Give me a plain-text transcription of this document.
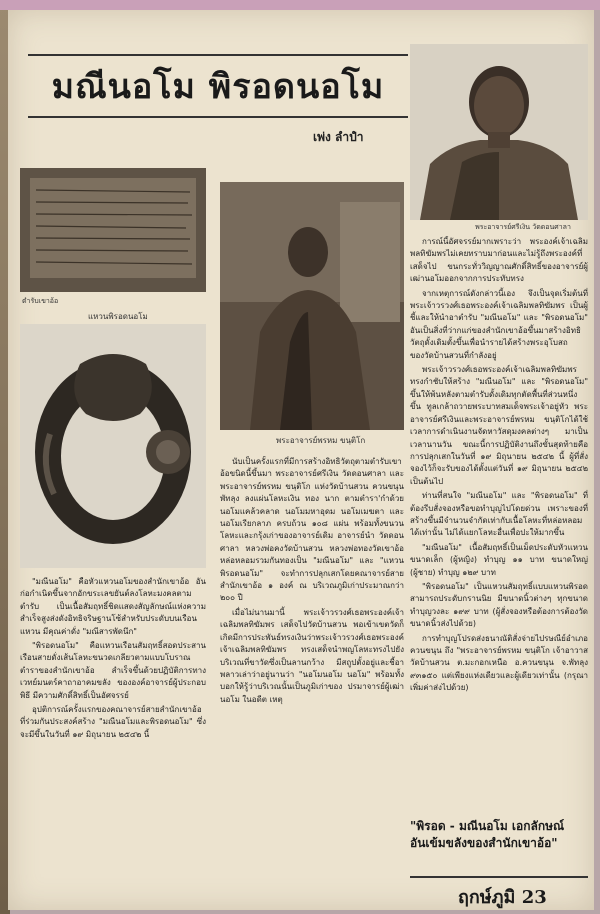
มณีนอโม พิรอดนอโม
เพ่ง ลำปำ
พระอาจารย์ศรีเงิน วัดดอนศาลา
ตำรับเขาอ้อ
แหวนพิรอดนอโม
พระอาจารย์พรหม ขนฺติโก

"มณีนอโม" คือหัวแหวนอโมของสำนักเขาอ้อ อันก่อกำเนิดขึ้นจากอักขระเลขยันต์ลงโลหะมงคลตามตำรับ เป็นเนื้อสัมฤทธิ์ชิดแสดงสัญลักษณ์แห่งความสำเร็จสูงส่งดังอิทธิจริษฐานโซ้สำหรับประดับบนเรือนแหวน มีคุณค่าดั่ง "มณีสารพัดนึก"

"พิรอดนอโม" คือแหวนเรือนสัมฤทธิ์สอดประสานเรือนสายดั่งเส้นโลหะขนวดเกลียวตามแบบโบราณตำราของสำนักเขาอ้อ สำเร็จขึ้นด้วยปฏิบัติการทางเวทย์มนตร์คาถาอาคมขลัง ขององค์อาจารย์ผู้ประกอบพิธี มีความศักดิ์สิทธิ์เป็นอัศจรรย์

อุปติการณ์ครั้งแรกของคณาจารย์สายสำนักเขาอ้อที่ร่วมกันประสงค์สร้าง "มณีนอโมและพิรอดนอโม" ซึ่งจะมีขึ้นในวันที่ ๑๙ มิถุนายน ๒๕๔๒ นี้

นับเป็นครั้งแรกที่มีการสร้างอิทธิวัตถุตามตำรับเขาอ้อขนิดนี้ขึ้นมา พระอาจารย์ศรีเงิน วัดดอนศาลา และพระอาจารย์พรหม ขนฺติโก แห่งวัดบ้านสวน ควนขนุน พัทลุง ลงแผ่นโลหะเงิน ทอง นาก ตามตำรา'กำด้วย นอโมแคล้วคลาด นอโมมหาอุดม นอโมเมฆตา และนอโมเรียกลาภ ครบถ้วน ๑๐๘ แผ่น พร้อมทั้งขนวนโลหะและกรุ้งเก่าของอาจารย์เดิม อาจารย์นำ วัดดอนศาลา หลวงพ่อคงวัดบ้านสวน หลวงพ่อทองวัดเขาอ้อ หล่อหลอมรวมกันทองเป็น "มณีนอโม" และ "แหวนพิรอดนอโม" จะทำการปลุกเสกโดยคณาจารย์สายสำนักเขาอ้อ ๑ องค์ ณ บริเวณภูมิเก่าประมาณกว่า ๒๐๐ ปี

เมื่อไม่นานมานี้ พระเจ้าวรวงศ์เธอพระองค์เจ้าเฉลิมพลทิฆัมพร เสด็จไปวัดบ้านสวน พอเข้าเขตวัดก็เกิดมีการประพันธ์ทรงเงินว่าพระเจ้าวรวงศ์เธอพระองค์เจ้าเฉลิมพลทิฆัมพร ทรงเสด็จนำพญโลหะทรงไปยังบริเวณที่ขาวัดซึ่งเป็นลานกว้าง มีสถูปตั้งอยู่และชี้อาพลาวเล่าว่าอยู่นานว่า "นอโมนอโม นอโม" พร้อมทั้งบอกให้รู้ว่าบริเวณนั้นเป็นภูมิเก่าของ ปรมาจารย์ผู้เฒ่านอโม ในอดีต เหตุ

การณ์นี้อัศจรรย์มากเพราะว่า พระองค์เจ้าเฉลิมพลทิฆัมพรไม่เคยทราบมาก่อนและไม่รู้ถึงพระองค์ที่เสด็จไป ขนกระทั่ววิญญาณศักดิ์สิทธิ์ของอาจารย์ผู้เฒ่านอโมออกจากการประทับทรง

จากเหตุการณ์ดังกล่าวนี้เอง จึงเป็นจุดเริ่มต้นที่พระเจ้าวรวงศ์เธอพระองค์เจ้าเฉลิมพลทิฆัมพร เป็นผู้ชี้และให้นำอาตำรับ "มณีนอโม" และ "พิรอดนอโม" อันเป็นสิ่งที่ว่ากแก่ของสำนักเขาอ้อขึ้นมาสร้างอิทธิวัตถุดั้งเดิมตั้งขึ้นเพื่อนำรายได้สร้างพระอุโบสถของวัดบ้านสวนที่กำลังอยู่

พระเจ้าวรวงศ์เธอพระองค์เจ้าเฉลิมพลทิฆัมพร ทรงกำชับให้สร้าง "มณีนอโม" และ "พิรอดนอโม" ขึ้นให้พ้นหลังตามตำรับดั้งเดิมทุกตัดพื้นที่ส่วนหนึ่งขึ้น ทูลเกล้าถวายพระบาทสมเด็จพระเจ้าอยู่หัว พระอาจารย์ศรีเงินและพระอาจารย์พรหม ขนฺติโกได้ใช้เวลาการดำเนินงานจัดหาวัสดุมงคลต่างๆ มาเป็นเวลานานวัน ขณะนี้การปฏิบัติงานถึงขั้นสุดท้ายคือการปลุกเสกในวันที่ ๑๙ มิถุนายน ๒๕๔๒ นี้ ผู้ที่สั่งจองไว้ก็จะรับของได้ตั้งแต่วันที่ ๑๙ มิถุนายน ๒๕๔๒ เป็นต้นไป

ท่านที่สนใจ "มณีนอโม" และ "พิรอดนอโม" ที่ต้องรีบสั่งจองหรือขอทำบุญไปโดยด่วน เพราะของที่สร้างขึ้นมีจำนวนจำกัดเท่ากับเนื้อโลหะที่หล่อหลอมได้เท่านั้น ไม่ได้แยกโลหะอื่นเพื่อปะให้มากขึ้น

"มณีนอโม" เนื้อสัมฤทธิ์เป็นเม็ดประดับหัวแหวนขนาดเล็ก (ผู้หญิง) ทำบุญ ๑๑ บาท ขนาดใหญ่ (ผู้ชาย) ทำบุญ ๑๒๙ บาท

"พิรอดนอโม" เป็นแหวนสัมฤทธิ์แบบแหวนพิรอด สามารถประดับกรานนิย มีขนาดนิ้วต่างๆ ทุกขนาด ทำบุญวงละ ๑๙๙ บาท (ผู้สั่งจองหรือต้องการต้องวัดขนาดนิ้วส่งไปด้วย)

การทำบุญโปรดส่งธนาณัติสั่งจ่ายไปรษณีย์อำเภอควนขนุน ถึง "พระอาจารย์พรหม ขนฺติโก เจ้าอาวาสวัดบ้านสวน ต.มะกอกเหนือ อ.ควนขนุน จ.พัทลุง ๙๓๑๕๐ แต่เพียงแห่งเดียวและผู้เดียวเท่านั้น (กรุณาเพิ่มค่าส่งไปด้วย)

"พิรอด - มณีนอโม เอกลักษณ์
อันเข้มขลังของสำนักเขาอ้อ"
ฤกษ์ภูมิ 23
